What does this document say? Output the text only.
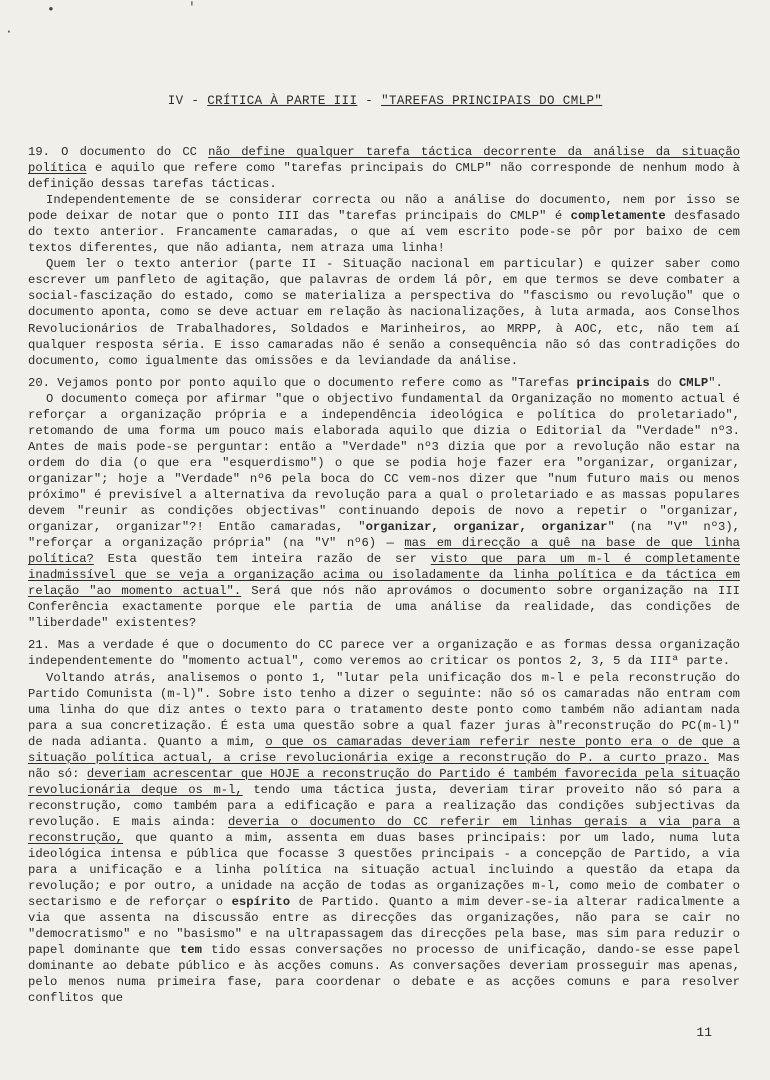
•	'
·
IV - CRÍTICA À PARTE III - "TAREFAS PRINCIPAIS DO CMLP"

19. O documento do CC não define qualquer tarefa táctica decorrente da análise da situação política e aquilo que refere como "tarefas principais do CMLP" não corresponde de nenhum modo à definição dessas tarefas tácticas.

Independentemente de se considerar correcta ou não a análise do documento, nem por isso se pode deixar de notar que o ponto III das "tarefas principais do CMLP" é completamente desfasado do texto anterior. Francamente camaradas, o que aí vem escrito pode-se pôr por baixo de cem textos diferentes, que não adianta, nem atraza uma linha!

Quem ler o texto anterior (parte II - Situação nacional em particular) e quizer saber como escrever um panfleto de agitação, que palavras de ordem lá pôr, em que termos se deve combater a social-fascização do estado, como se materializa a perspectiva do "fascismo ou revolução" que o documento aponta, como se deve actuar em relação às nacionalizações, à luta armada, aos Conselhos Revolucionários de Trabalhadores, Soldados e Marinheiros, ao MRPP, à AOC, etc, não tem aí qualquer resposta séria. E isso camaradas não é senão a consequência não só das contradições do documento, como igualmente das omissões e da leviandade da análise.

20. Vejamos ponto por ponto aquilo que o documento refere como as "Tarefas principais do CMLP".

O documento começa por afirmar "que o objectivo fundamental da Organização no momento actual é reforçar a organização própria e a independência ideológica e política do proletariado", retomando de uma forma um pouco mais elaborada aquilo que dizia o Editorial da "Verdade" nº3. Antes de mais pode-se perguntar: então a "Verdade" nº3 dizia que por a revolução não estar na ordem do dia (o que era "esquerdismo") o que se podia hoje fazer era "organizar, organizar, organizar"; hoje a "Verdade" nº6 pela boca do CC vem-nos dizer que "num futuro mais ou menos próximo" é previsível a alternativa da revolução para a qual o proletariado e as massas populares devem "reunir as condições objectivas" continuando depois de novo a repetir o "organizar, organizar, organizar"?! Então camaradas, "organizar, organizar, organizar" (na "V" nº3), "reforçar a organização própria" (na "V" nº6) — mas em direcção a quê na base de que linha política? Esta questão tem inteira razão de ser visto que para um m-l é completamente inadmissível que se veja a organização acima ou isoladamente da linha política e da táctica em relação "ao momento actual". Será que nós não aprovámos o documento sobre organização na III Conferência exactamente porque ele partia de uma análise da realidade, das condições de "liberdade" existentes?

21. Mas a verdade é que o documento do CC parece ver a organização e as formas dessa organização independentemente do "momento actual", como veremos ao criticar os pontos 2, 3, 5 da IIIª parte.

Voltando atrás, analisemos o ponto 1, "lutar pela unificação dos m-l e pela reconstrução do Partido Comunista (m-l)". Sobre isto tenho a dizer o seguinte: não só os camaradas não entram com uma linha do que diz antes o texto para o tratamento deste ponto como também não adiantam nada para a sua concretização. É esta uma questão sobre a qual fazer juras à"reconstrução do PC(m-l)" de nada adianta. Quanto a mim, o que os camaradas deveriam referir neste ponto era o de que a situação política actual, a crise revolucionária exige a reconstrução do P. a curto prazo. Mas não só: deveriam acrescentar que HOJE a reconstrução do Partido é também favorecida pela situação revolucionária deque os m-l, tendo uma táctica justa, deveriam tirar proveito não só para a reconstrução, como também para a edificação e para a realização das condições subjectivas da revolução. E mais ainda: deveria o documento do CC referir em linhas gerais a via para a reconstrução, que quanto a mim, assenta em duas bases principais: por um lado, numa luta ideológica intensa e pública que focasse 3 questões principais - a concepção de Partido, a via para a unificação e a linha política na situação actual incluindo a questão da etapa da revolução; e por outro, a unidade na acção de todas as organizações m-l, como meio de combater o sectarismo e de reforçar o espírito de Partido. Quanto a mim dever-se-ia alterar radicalmente a via que assenta na discussão entre as direcções das organizações, não para se cair no "democratismo" e no "basismo" e na ultrapassagem das direcções pela base, mas sim para reduzir o papel dominante que tem tido essas conversações no processo de unificação, dando-se esse papel dominante ao debate público e às acções comuns. As conversações deveriam prosseguir mas apenas, pelo menos numa primeira fase, para coordenar o debate e as acções comuns e para resolver conflitos que

11
